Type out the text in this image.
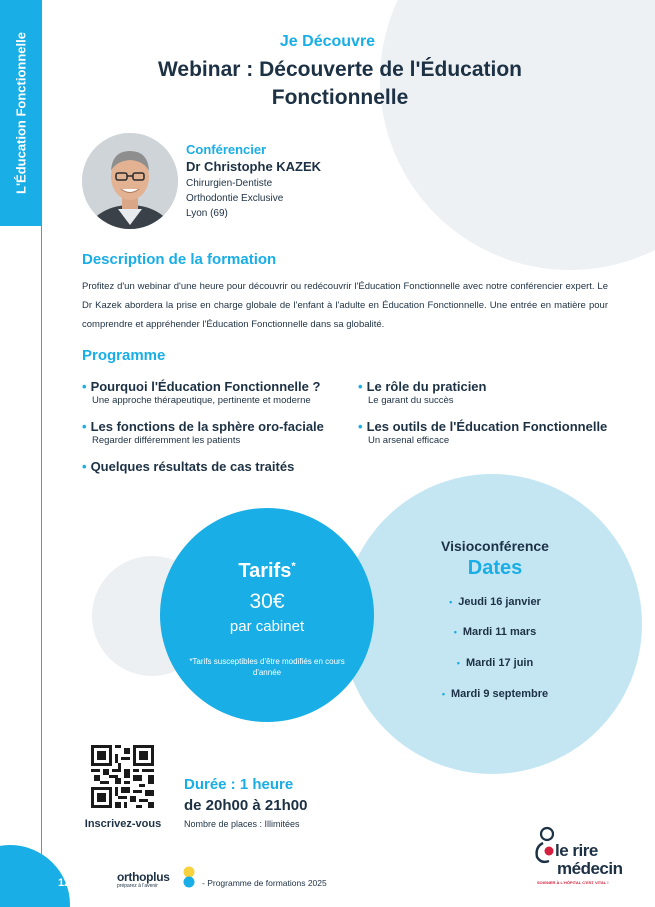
L'Éducation Fonctionnelle	Je Découvre
Webinar : Découverte de l'Éducation Fonctionnelle
Conférencier
Dr Christophe KAZEK
Chirurgien-Dentiste
Orthodontie Exclusive
Lyon (69)
Description de la formation
Profitez d'un webinar d'une heure pour découvrir ou redécouvrir l'Éducation Fonctionnelle avec notre conférencier expert. Le Dr Kazek abordera la prise en charge globale de l'enfant à l'adulte en Éducation Fonctionnelle. Une entrée en matière pour comprendre et appréhender l'Éducation Fonctionnelle dans sa globalité.
Programme
• Pourquoi l'Éducation Fonctionnelle ?
Une approche thérapeutique, pertinente et moderne
• Le rôle du praticien
Le garant du succès
• Les fonctions de la sphère oro-faciale
Regarder différemment les patients
• Les outils de l'Éducation Fonctionnelle
Un arsenal efficace
• Quelques résultats de cas traités
Tarifs*
30€
par cabinet
*Tarifs susceptibles d'être modifiés en cours d'année
Visioconférence
Dates
• Jeudi 16 janvier
• Mardi 11 mars
• Mardi 17 juin
• Mardi 9 septembre
Inscrivez-vous
Durée : 1 heure
de 20h00 à 21h00
Nombre de places : Illimitées
12	orthoplus
préparez à l'avenir	- Programme de formations 2025
le rire
médecin
SOIGNER À L'HÔPITAL C'EST VITAL !
